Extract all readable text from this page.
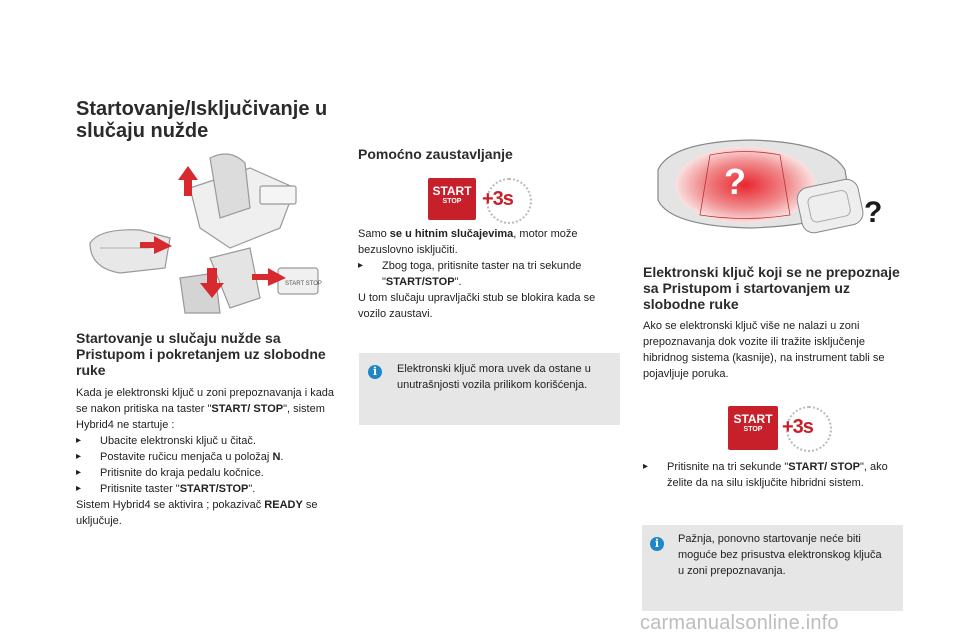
Startovanje/Isključivanje u slučaju nužde
START STOP
Startovanje u slučaju nužde sa Pristupom i pokretanjem uz slobodne ruke
Kada je elektronski ključ u zoni prepoznavanja i kada se nakon pritiska na taster "START/ STOP", sistem Hybrid4 ne startuje :
▸ Ubacite elektronski ključ u čitač.
▸ Postavite ručicu menjača u položaj N.
▸ Pritisnite do kraja pedalu kočnice.
▸ Pritisnite taster "START/STOP".
Sistem Hybrid4 se aktivira ; pokazivač READY se uključuje.
Pomoćno zaustavljanje
START
STOP	+3s
Samo se u hitnim slučajevima, motor može bezuslovno isključiti.
▸ Zbog toga, pritisnite taster na tri sekunde "START/STOP".
U tom slučaju upravljački stub se blokira kada se vozilo zaustavi.
i	Elektronski ključ mora uvek da ostane u unutrašnjosti vozila prilikom korišćenja.
?
?
Elektronski ključ koji se ne prepoznaje sa Pristupom i startovanjem uz slobodne ruke
Ako se elektronski ključ više ne nalazi u zoni prepoznavanja dok vozite ili tražite isključenje hibridnog sistema (kasnije), na instrument tabli se pojavljuje poruka.
START
STOP +3s
▸ Pritisnite na tri sekunde "START/ STOP", ako želite da na silu isključite hibridni sistem.
i	Pažnja, ponovno startovanje neće biti moguće bez prisustva elektronskog ključa u zoni prepoznavanja.
carmanualsonline.info
